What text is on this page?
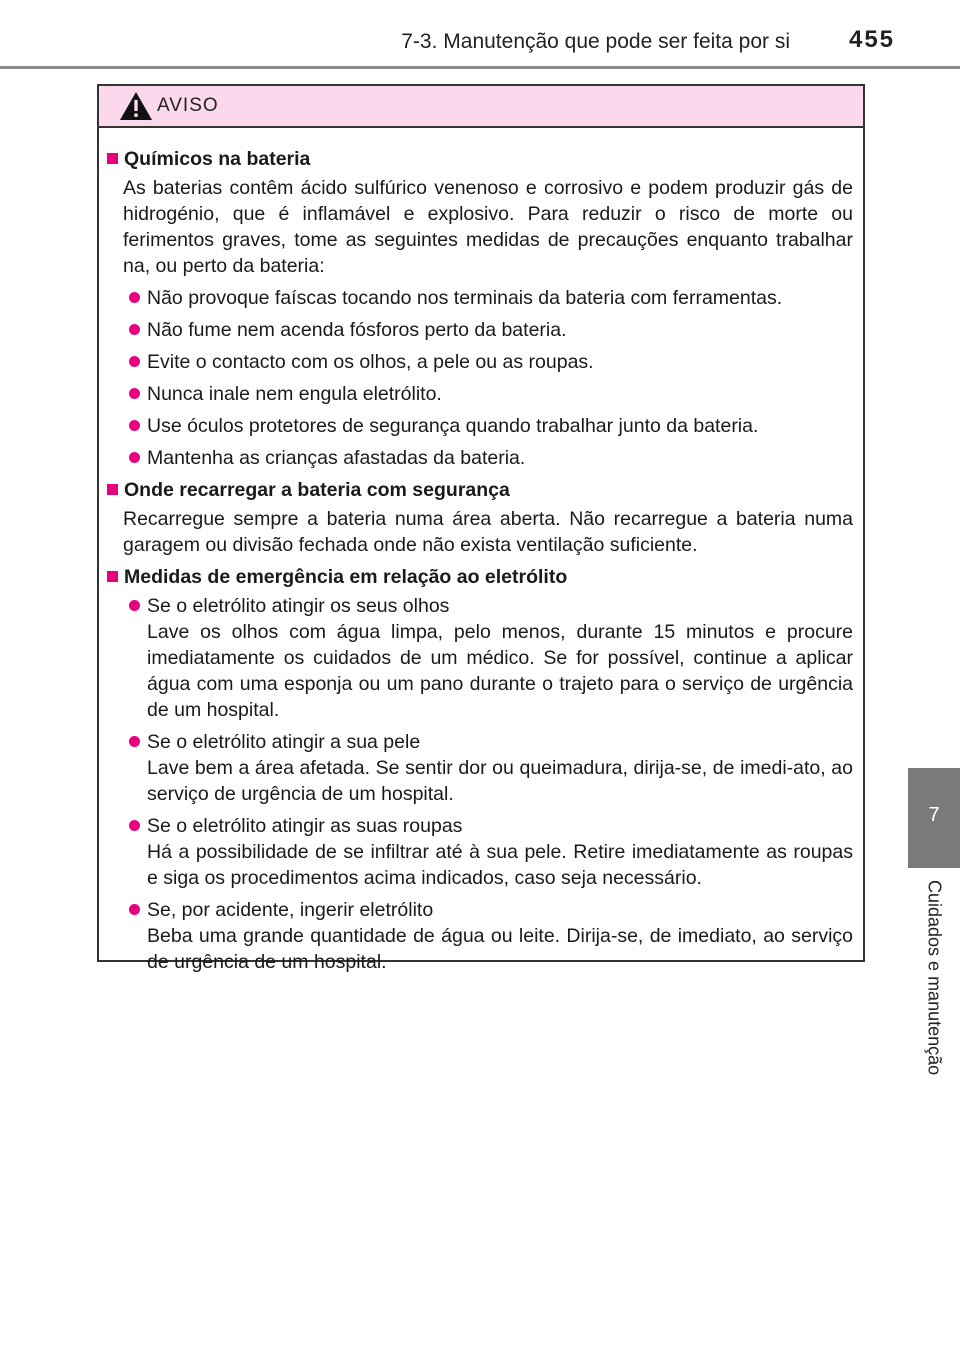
7-3. Manutenção que pode ser feita por si 455
7
Cuidados e manutenção
AVISO
Químicos na bateria
As baterias contêm ácido sulfúrico venenoso e corrosivo e podem produzir gás de hidrogénio, que é inflamável e explosivo. Para reduzir o risco de morte ou ferimentos graves, tome as seguintes medidas de precauções enquanto trabalhar na, ou perto da bateria:
Não provoque faíscas tocando nos terminais da bateria com ferramentas.
Não fume nem acenda fósforos perto da bateria.
Evite o contacto com os olhos, a pele ou as roupas.
Nunca inale nem engula eletrólito.
Use óculos protetores de segurança quando trabalhar junto da bateria.
Mantenha as crianças afastadas da bateria.
Onde recarregar a bateria com segurança
Recarregue sempre a bateria numa área aberta. Não recarregue a bateria numa garagem ou divisão fechada onde não exista ventilação suficiente.
Medidas de emergência em relação ao eletrólito
Se o eletrólito atingir os seus olhos
Lave os olhos com água limpa, pelo menos, durante 15 minutos e procure imediatamente os cuidados de um médico. Se for possível, continue a aplicar água com uma esponja ou um pano durante o trajeto para o serviço de urgência de um hospital.
Se o eletrólito atingir a sua pele
Lave bem a área afetada. Se sentir dor ou queimadura, dirija-se, de imedi-ato, ao serviço de urgência de um hospital.
Se o eletrólito atingir as suas roupas
Há a possibilidade de se infiltrar até à sua pele. Retire imediatamente as roupas e siga os procedimentos acima indicados, caso seja necessário.
Se, por acidente, ingerir eletrólito
Beba uma grande quantidade de água ou leite. Dirija-se, de imediato, ao serviço de urgência de um hospital.
